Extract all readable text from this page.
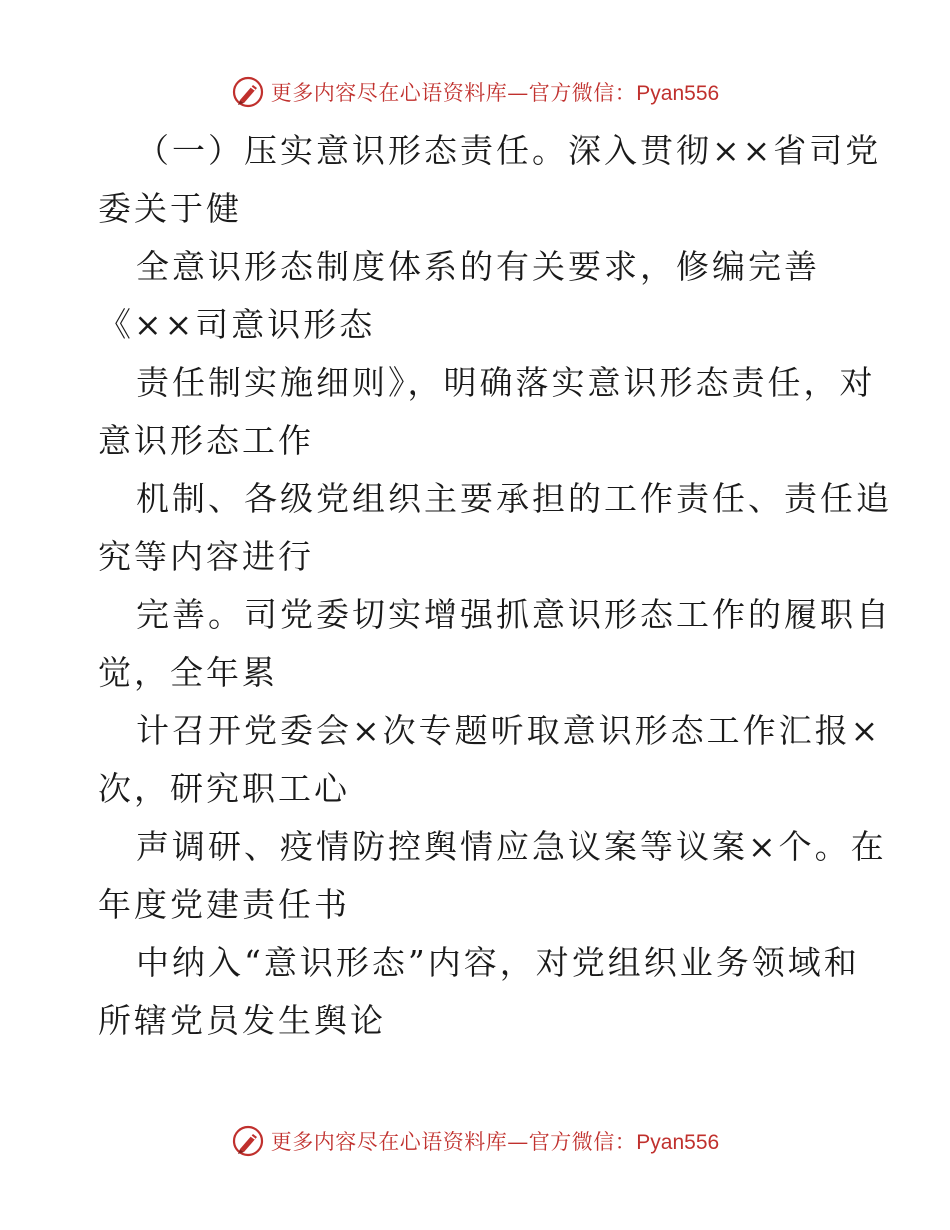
更多内容尽在心语资料库—官方微信：Pyan556

（一）压实意识形态责任。深入贯彻××省司党

委关于健

全意识形态制度体系的有关要求，修编完善

《××司意识形态

责任制实施细则》，明确落实意识形态责任，对

意识形态工作

机制、各级党组织主要承担的工作责任、责任追

究等内容进行

完善。司党委切实增强抓意识形态工作的履职自

觉，全年累

计召开党委会×次专题听取意识形态工作汇报×

次，研究职工心

声调研、疫情防控舆情应急议案等议案×个。在

年度党建责任书

中纳入“意识形态”内容，对党组织业务领域和

所辖党员发生舆论

更多内容尽在心语资料库—官方微信：Pyan556
